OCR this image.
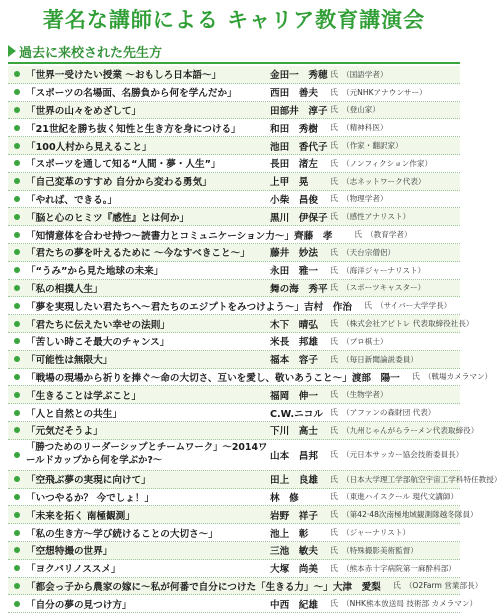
著名な講師による キャリア教育講演会
過去に来校された先生方
「世界一受けたい授業 ～おもしろ日本語～」	金田一　秀穂 氏 （国語学者）
「スポーツの名場面、名勝負から何を学んだか」	西田　善夫	氏 （元NHKアナウンサー）
「世界の山々をめざして」	田部井　淳子 氏 （登山家）
「21世紀を勝ち抜く知性と生き方を身につける」	和田　秀樹	氏 （精神科医）
「100人村から見えること」	池田　香代子 氏 （作家・翻訳家）
「スポーツを通して知る“人間・夢・人生”」	長田　渚左	氏 （ノンフィクション作家）
「自己変革のすすめ 自分から変わる勇気」	上甲　晃	氏 （志ネットワーク代表）
「やれば、できる。」	小柴　昌俊	氏 （物理学者）
「脳と心のヒミツ『感性』とは何か」	黒川　伊保子 氏 （感性アナリスト）
「知情意体を合わせ持つ～読書力とコミュニケーション力～」 齊藤　孝	氏 （教育学者）
「君たちの夢を叶えるために ～今なすべきこと～」	藤井　妙法	氏 （天台宗僧侶）
「“うみ”から見た地球の未来」	永田　雅一	氏 （海洋ジャーナリスト）
「私の相撲人生」	舞の海　秀平 氏 （スポーツキャスター）
「夢を実現したい君たちへ～君たちのエジプトをみつけよう～」 吉村　作治	氏 （サイバー大学学長）
「君たちに伝えたい幸せの法則」	木下　晴弘	氏 （株式会社アビトレ 代表取締役社長）
「苦しい時こそ最大のチャンス」	米長　邦雄	氏 （プロ棋士）
「可能性は無限大」	福本　容子	氏 （毎日新聞論説委員）
「戦場の現場から祈りを捧ぐ～命の大切さ、互いを愛し、敬いあうこと～」 渡部　陽一	氏 （戦場カメラマン）
「生きることは学ぶこと」	福岡　伸一	氏 （生物学者）
「人と自然との共生」	C.W.ニコル 氏 （アファンの森財団 代表）
「元気だそうよ」	下川　高士	氏 （九州じゃんがらラーメン代表取締役）
「勝つためのリーダーシップとチームワーク」～2014ワールドカップから何を学ぶか?～	山本　昌邦	氏 （元日本サッカー協会技術委員長）
「空飛ぶ夢の実現に向けて」	田上　良雄	氏 （日本大学理工学部航空宇宙工学科特任教授）
「いつやるか？ 今でしょ！」	林　修	氏 （東進ハイスクール 現代文講師）
「未来を拓く 南極観測」	岩野　祥子	氏 （第42·48次南極地域観測隊越冬隊員）
「私の生き方～学び続けることの大切さ～」	池上　彰	氏 （ジャーナリスト）
「空想特撮の世界」	三池　敏夫	氏 （特殊撮影美術監督）
「ヨクバリノススメ」	大塚　尚美	氏 （熊本赤十字病院第一麻酔科部）
「都会っ子から農家の嫁に～私が何番で自分につけた「生きる力」～」 大津　愛梨	氏 （O2Farm 営業部長）
「自分の夢の見つけ方」	中西　紀雄	氏 （NHK熊本放送局 技術部 カメラマン）
